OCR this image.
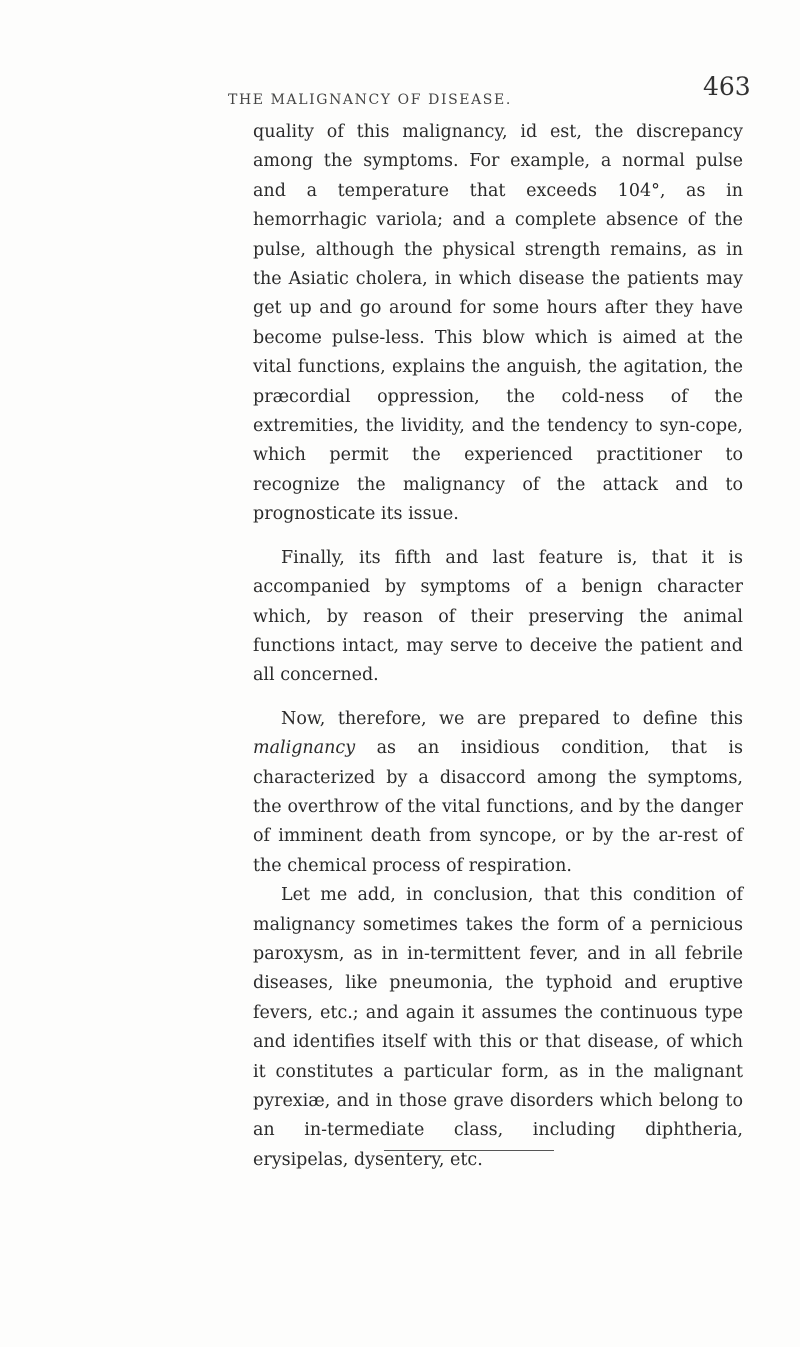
THE MALIGNANCY OF DISEASE.	463

quality of this malignancy, id est, the discrepancy among the symptoms. For example, a normal pulse and a temperature that exceeds 104°, as in hemorrhagic variola; and a complete absence of the pulse, although the physical strength remains, as in the Asiatic cholera, in which disease the patients may get up and go around for some hours after they have become pulse-less. This blow which is aimed at the vital functions, explains the anguish, the agitation, the præcordial oppression, the cold-ness of the extremities, the lividity, and the tendency to syn-cope, which permit the experienced practitioner to recognize the malignancy of the attack and to prognosticate its issue.

Finally, its fifth and last feature is, that it is accompanied by symptoms of a benign character which, by reason of their preserving the animal functions intact, may serve to deceive the patient and all concerned.

Now, therefore, we are prepared to define this malignancy as an insidious condition, that is characterized by a disaccord among the symptoms, the overthrow of the vital functions, and by the danger of imminent death from syncope, or by the ar-rest of the chemical process of respiration.

Let me add, in conclusion, that this condition of malignancy sometimes takes the form of a pernicious paroxysm, as in in-termittent fever, and in all febrile diseases, like pneumonia, the typhoid and eruptive fevers, etc.; and again it assumes the continuous type and identifies itself with this or that disease, of which it constitutes a particular form, as in the malignant pyrexiæ, and in those grave disorders which belong to an in-termediate class, including diphtheria, erysipelas, dysentery, etc.
